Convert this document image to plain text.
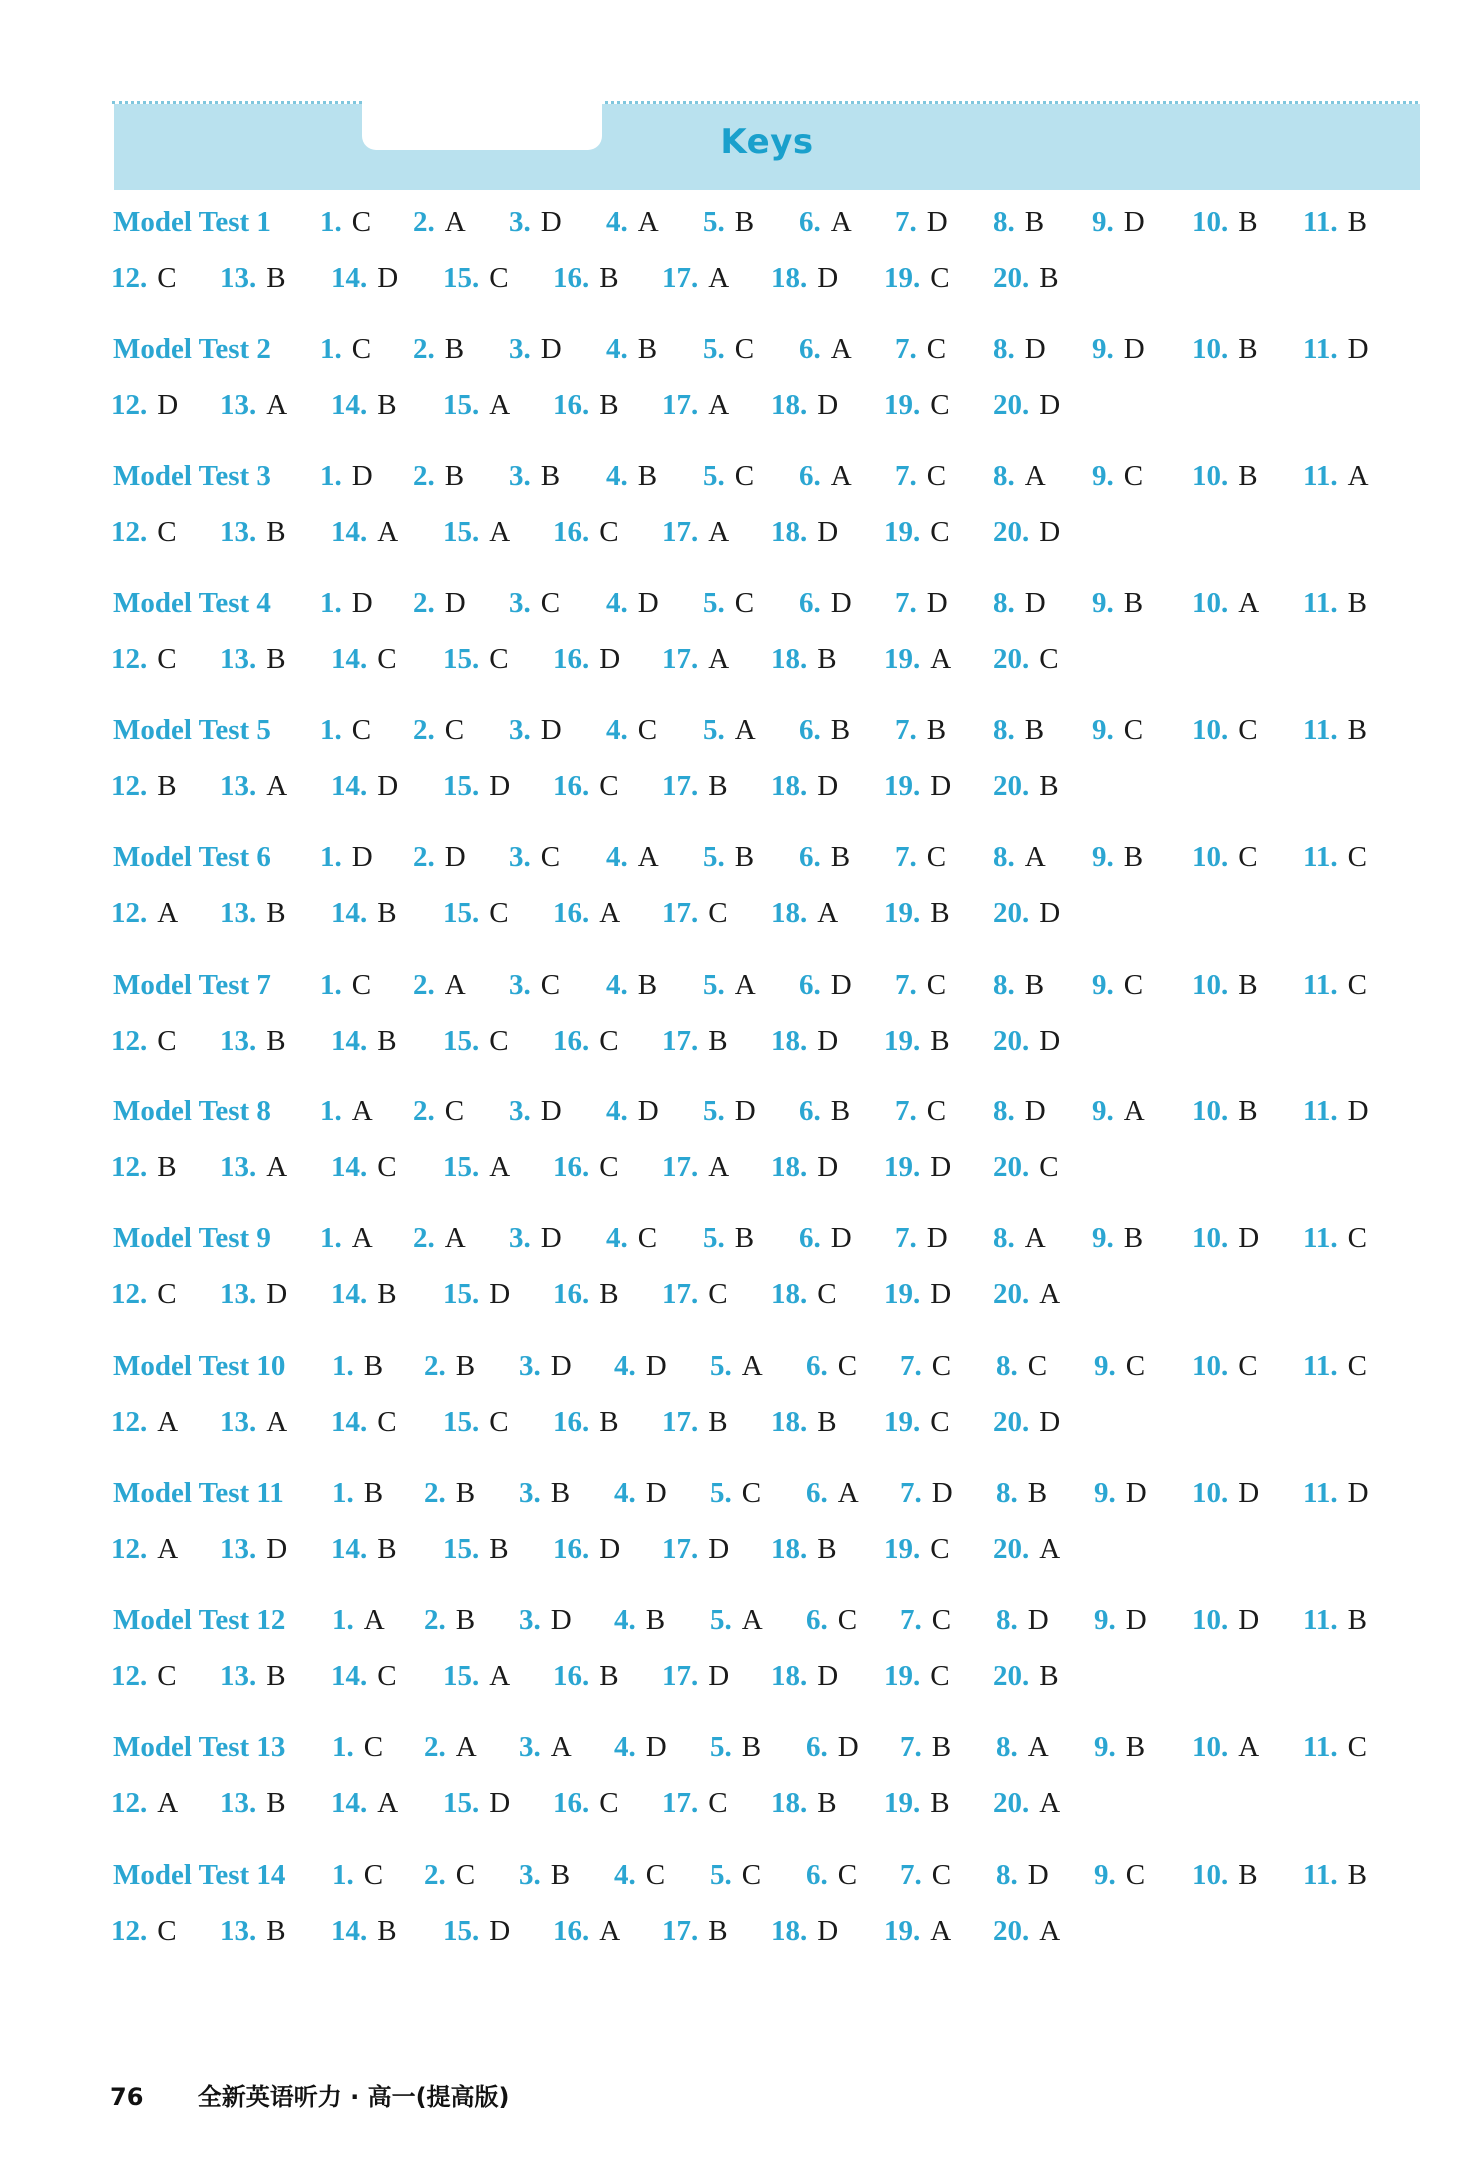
Keys
Model Test 1 1. C 2. A 3. D 4. A 5. B 6. A 7. D 8. B 9. D 10. B 11. B
12. C 13. B 14. D 15. C 16. B 17. A 18. D 19. C 20. B
Model Test 2 1. C 2. B 3. D 4. B 5. C 6. A 7. C 8. D 9. D 10. B 11. D
12. D 13. A 14. B 15. A 16. B 17. A 18. D 19. C 20. D
Model Test 3 1. D 2. B 3. B 4. B 5. C 6. A 7. C 8. A 9. C 10. B 11. A
12. C 13. B 14. A 15. A 16. C 17. A 18. D 19. C 20. D
Model Test 4 1. D 2. D 3. C 4. D 5. C 6. D 7. D 8. D 9. B 10. A 11. B
12. C 13. B 14. C 15. C 16. D 17. A 18. B 19. A 20. C
Model Test 5 1. C 2. C 3. D 4. C 5. A 6. B 7. B 8. B 9. C 10. C 11. B
12. B 13. A 14. D 15. D 16. C 17. B 18. D 19. D 20. B
Model Test 6 1. D 2. D 3. C 4. A 5. B 6. B 7. C 8. A 9. B 10. C 11. C
12. A 13. B 14. B 15. C 16. A 17. C 18. A 19. B 20. D
Model Test 7 1. C 2. A 3. C 4. B 5. A 6. D 7. C 8. B 9. C 10. B 11. C
12. C 13. B 14. B 15. C 16. C 17. B 18. D 19. B 20. D
Model Test 8 1. A 2. C 3. D 4. D 5. D 6. B 7. C 8. D 9. A 10. B 11. D
12. B 13. A 14. C 15. A 16. C 17. A 18. D 19. D 20. C
Model Test 9 1. A 2. A 3. D 4. C 5. B 6. D 7. D 8. A 9. B 10. D 11. C
12. C 13. D 14. B 15. D 16. B 17. C 18. C 19. D 20. A
Model Test 10 1. B 2. B 3. D 4. D 5. A 6. C 7. C 8. C 9. C 10. C 11. C
12. A 13. A 14. C 15. C 16. B 17. B 18. B 19. C 20. D
Model Test 11 1. B 2. B 3. B 4. D 5. C 6. A 7. D 8. B 9. D 10. D 11. D
12. A 13. D 14. B 15. B 16. D 17. D 18. B 19. C 20. A
Model Test 12 1. A 2. B 3. D 4. B 5. A 6. C 7. C 8. D 9. D 10. D 11. B
12. C 13. B 14. C 15. A 16. B 17. D 18. D 19. C 20. B
Model Test 13 1. C 2. A 3. A 4. D 5. B 6. D 7. B 8. A 9. B 10. A 11. C
12. A 13. B 14. A 15. D 16. C 17. C 18. B 19. B 20. A
Model Test 14 1. C 2. C 3. B 4. C 5. C 6. C 7. C 8. D 9. C 10. B 11. B
12. C 13. B 14. B 15. D 16. A 17. B 18. D 19. A 20. A
76 全新英语听力 · 高一(提高版)
